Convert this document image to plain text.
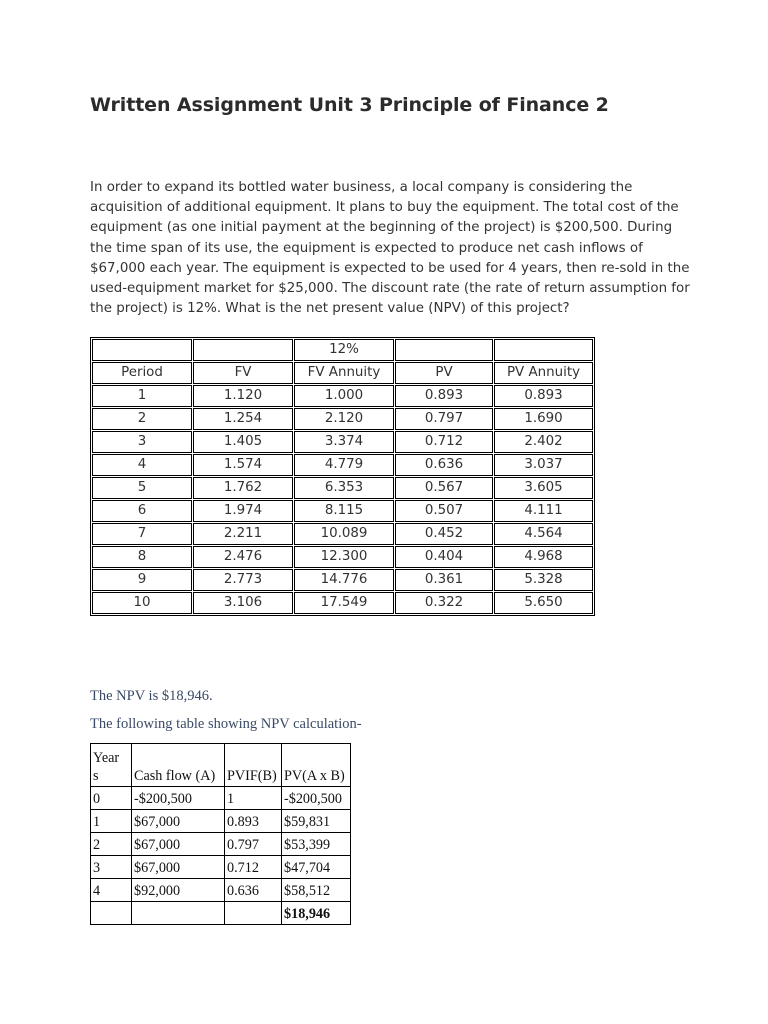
Written Assignment Unit 3 Principle of Finance 2

In order to expand its bottled water business, a local company is considering the acquisition of additional equipment. It plans to buy the equipment. The total cost of the equipment (as one initial payment at the beginning of the project) is $200,500. During the time span of its use, the equipment is expected to produce net cash inflows of $67,000 each year. The equipment is expected to be used for 4 years, then re-sold in the used-equipment market for $25,000. The discount rate (the rate of return assumption for the project) is 12%. What is the net present value (NPV) of this project?

		12%		
Period	FV	FV Annuity	PV	PV Annuity
1	1.120	1.000	0.893	0.893
2	1.254	2.120	0.797	1.690
3	1.405	3.374	0.712	2.402
4	1.574	4.779	0.636	3.037
5	1.762	6.353	0.567	3.605
6	1.974	8.115	0.507	4.111
7	2.211	10.089	0.452	4.564
8	2.476	12.300	0.404	4.968
9	2.773	14.776	0.361	5.328
10	3.106	17.549	0.322	5.650

The NPV is $18,946.

The following table showing NPV calculation-

Year
s	Cash flow (A)	PVIF(B)	PV(A x B)
0	-$200,500	1	-$200,500
1	$67,000	0.893	$59,831
2	$67,000	0.797	$53,399
3	$67,000	0.712	$47,704
4	$92,000	0.636	$58,512
			$18,946
